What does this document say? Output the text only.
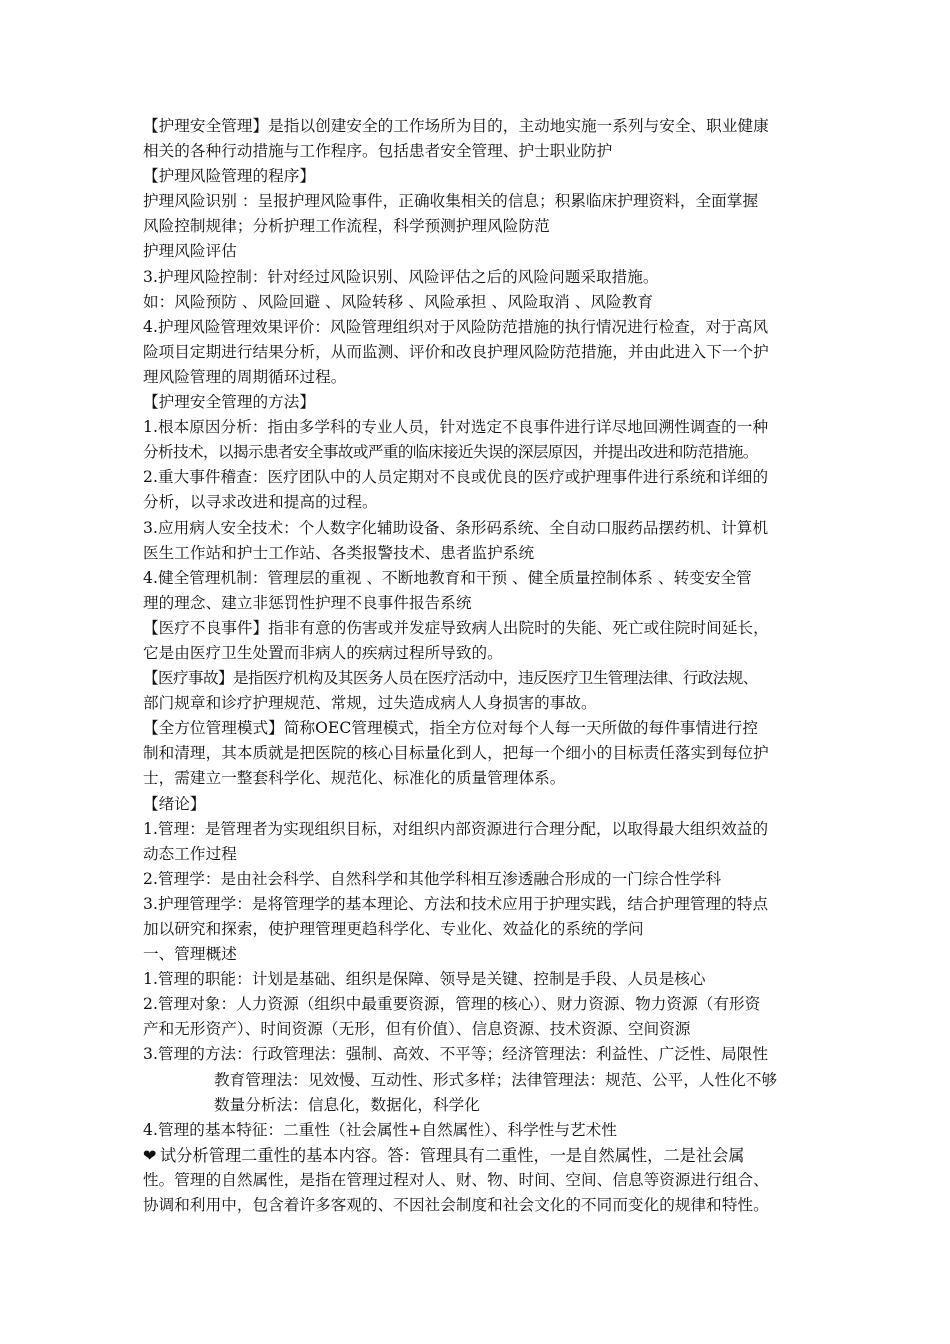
【护理安全管理】是指以创建安全的工作场所为目的，主动地实施一系列与安全、职业健康
相关的各种行动措施与工作程序。包括患者安全管理、护士职业防护
【护理风险管理的程序】
护理风险识别 ：呈报护理风险事件，正确收集相关的信息；积累临床护理资料，全面掌握
风险控制规律；分析护理工作流程，科学预测护理风险防范
护理风险评估
3.护理风险控制：针对经过风险识别、风险评估之后的风险问题采取措施。
如：风险预防 、风险回避 、风险转移 、风险承担 、风险取消 、风险教育
4.护理风险管理效果评价：风险管理组织对于风险防范措施的执行情况进行检查，对于高风
险项目定期进行结果分析，从而监测、评价和改良护理风险防范措施，并由此进入下一个护
理风险管理的周期循环过程。
【护理安全管理的方法】
1.根本原因分析：指由多学科的专业人员，针对选定不良事件进行详尽地回溯性调查的一种
分析技术，以揭示患者安全事故或严重的临床接近失误的深层原因，并提出改进和防范措施。
2.重大事件稽查：医疗团队中的人员定期对不良或优良的医疗或护理事件进行系统和详细的
分析，以寻求改进和提高的过程。
3.应用病人安全技术：个人数字化辅助设备、条形码系统、全自动口服药品摆药机、计算机
医生工作站和护士工作站、各类报警技术、患者监护系统
4.健全管理机制：管理层的重视 、不断地教育和干预 、健全质量控制体系 、转变安全管
理的理念、建立非惩罚性护理不良事件报告系统
【医疗不良事件】指非有意的伤害或并发症导致病人出院时的失能、死亡或住院时间延长，
它是由医疗卫生处置而非病人的疾病过程所导致的。
【医疗事故】是指医疗机构及其医务人员在医疗活动中，违反医疗卫生管理法律、行政法规、
部门规章和诊疗护理规范、常规，过失造成病人人身损害的事故。
【全方位管理模式】简称OEC管理模式，指全方位对每个人每一天所做的每件事情进行控
制和清理，其本质就是把医院的核心目标量化到人，把每一个细小的目标责任落实到每位护
士，需建立一整套科学化、规范化、标准化的质量管理体系。
【绪论】
1.管理：是管理者为实现组织目标，对组织内部资源进行合理分配，以取得最大组织效益的
动态工作过程
2.管理学：是由社会科学、自然科学和其他学科相互渗透融合形成的一门综合性学科
3.护理管理学：是将管理学的基本理论、方法和技术应用于护理实践，结合护理管理的特点
加以研究和探索，使护理管理更趋科学化、专业化、效益化的系统的学问
一、管理概述
1.管理的职能：计划是基础、组织是保障、领导是关键、控制是手段、人员是核心
2.管理对象：人力资源（组织中最重要资源，管理的核心）、财力资源、物力资源（有形资
产和无形资产）、时间资源（无形，但有价值）、信息资源、技术资源、空间资源
3.管理的方法：行政管理法：强制、高效、不平等；经济管理法：利益性、广泛性、局限性
教育管理法：见效慢、互动性、形式多样；法律管理法：规范、公平，人性化不够
数量分析法：信息化，数据化，科学化
4.管理的基本特征：二重性（社会属性+自然属性）、科学性与艺术性
❤ 试分析管理二重性的基本内容。答：管理具有二重性，一是自然属性，二是社会属
性。管理的自然属性，是指在管理过程对人、财、物、时间、空间、信息等资源进行组合、
协调和利用中，包含着许多客观的、不因社会制度和社会文化的不同而变化的规律和特性。
